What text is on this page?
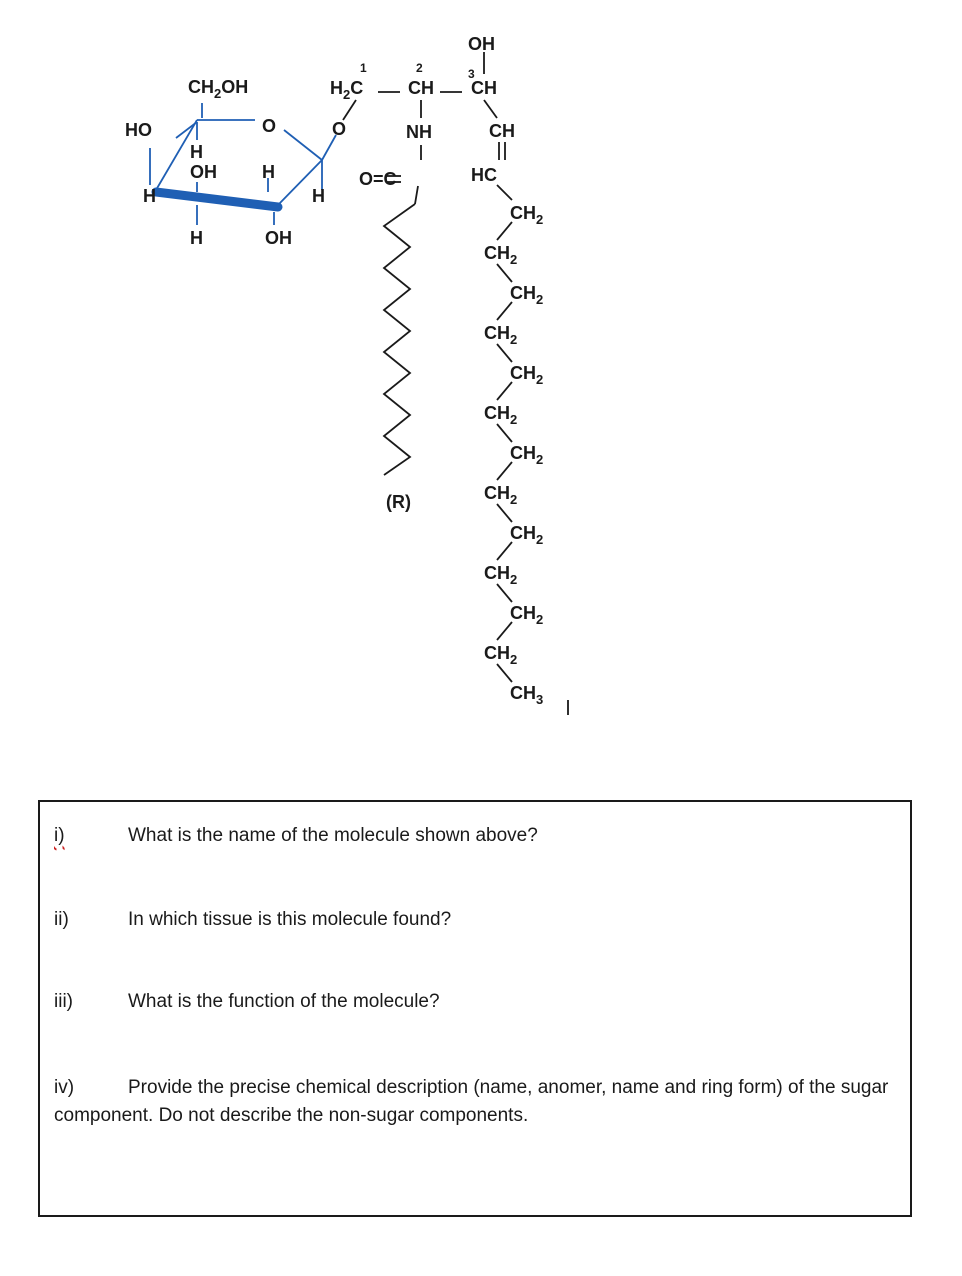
$CH_2OH$
O
HO
H
OH	H
H
H	OH
H
O
1	2	3
$H_2C$ CH CH
OH
NH
O=C
(R)
CH
HC
$CH_2$
$CH_2$
$CH_2$
$CH_2$
$CH_2$
$CH_2$
$CH_2$
$CH_2$
$CH_2$
$CH_2$
$CH_2$
$CH_2$
$CH_3$
i)	What is the name of the molecule shown above?
ii)	In which tissue is this molecule found?
iii)	What is the function of the molecule?
iv)	Provide the precise chemical description (name, anomer, name and ring form) of the sugar component. Do not describe the non-sugar components.
